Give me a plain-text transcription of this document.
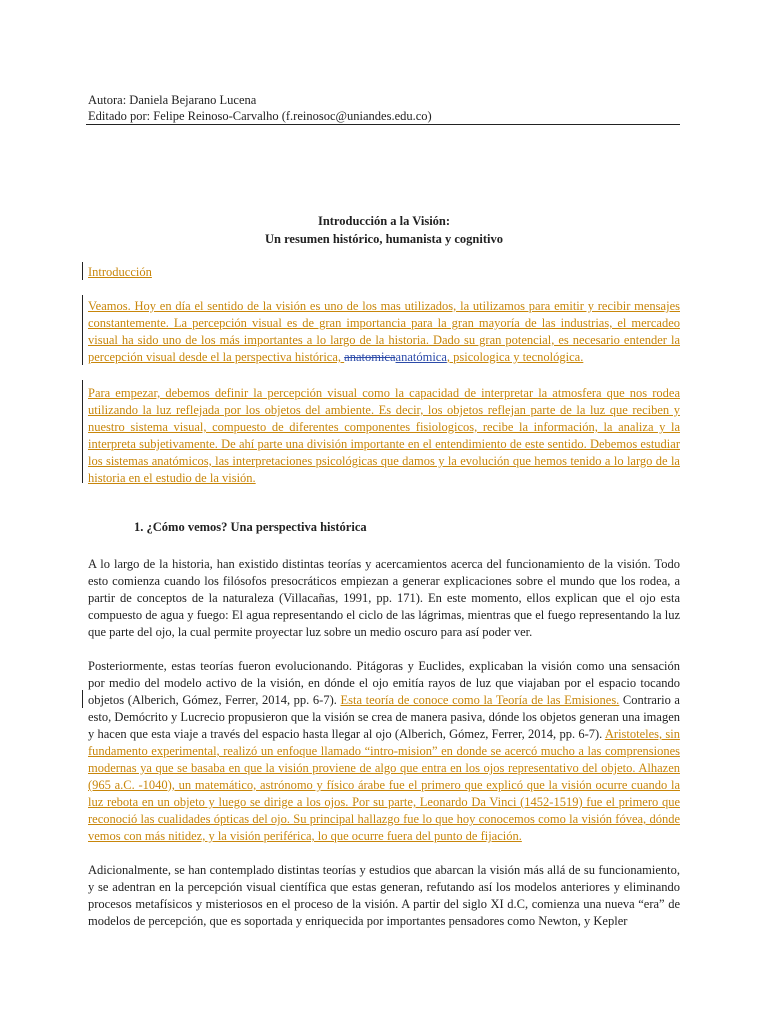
Autora: Daniela Bejarano Lucena
Editado por: Felipe Reinoso-Carvalho (f.reinosoc@uniandes.edu.co)
Introducción a la Visión:
Un resumen histórico, humanista y cognitivo
Introducción
Veamos. Hoy en día el sentido de la visión es uno de los mas utilizados, la utilizamos para emitir y recibir mensajes constantemente. La percepción visual es de gran importancia para la gran mayoría de las industrias, el mercadeo visual ha sido uno de los más importantes a lo largo de la historia. Dado su gran potencial, es necesario entender la percepción visual desde el la perspectiva histórica, anatomicaanatómica, psicologica y tecnológica.
Para empezar, debemos definir la percepción visual como la capacidad de interpretar la atmosfera que nos rodea utilizando la luz reflejada por los objetos del ambiente. Es decir, los objetos reflejan parte de la luz que reciben y nuestro sistema visual, compuesto de diferentes componentes fisiologicos, recibe la información, la analiza y la interpreta subjetivamente. De ahí parte una división importante en el entendimiento de este sentido. Debemos estudiar los sistemas anatómicos, las interpretaciones psicológicas que damos y la evolución que hemos tenido a lo largo de la historia en el estudio de la visión.
1. ¿Cómo vemos? Una perspectiva histórica
A lo largo de la historia, han existido distintas teorías y acercamientos acerca del funcionamiento de la visión. Todo esto comienza cuando los filósofos presocráticos empiezan a generar explicaciones sobre el mundo que los rodea, a partir de conceptos de la naturaleza (Villacañas, 1991, pp. 171). En este momento, ellos explican que el ojo esta compuesto de agua y fuego: El agua representando el ciclo de las lágrimas, mientras que el fuego representando la luz que parte del ojo, la cual permite proyectar luz sobre un medio oscuro para así poder ver.
Posteriormente, estas teorías fueron evolucionando. Pitágoras y Euclides, explicaban la visión como una sensación por medio del modelo activo de la visión, en dónde el ojo emitía rayos de luz que viajaban por el espacio tocando objetos (Alberich, Gómez, Ferrer, 2014, pp. 6-7). Esta teoría de conoce como la Teoría de las Emisiones. Contrario a esto, Demócrito y Lucrecio propusieron que la visión se crea de manera pasiva, dónde los objetos generan una imagen y hacen que esta viaje a través del espacio hasta llegar al ojo (Alberich, Gómez, Ferrer, 2014, pp. 6-7). Aristoteles, sin fundamento experimental, realizó un enfoque llamado “intro-mision” en donde se acercó mucho a las comprensiones modernas ya que se basaba en que la visión proviene de algo que entra en los ojos representativo del objeto. Alhazen (965 a.C. -1040), un matemático, astrónomo y físico árabe fue el primero que explicó que la visión ocurre cuando la luz rebota en un objeto y luego se dirige a los ojos. Por su parte, Leonardo Da Vinci (1452-1519) fue el primero que reconoció las cualidades ópticas del ojo. Su principal hallazgo fue lo que hoy conocemos como la visión fóvea, dónde vemos con más nitidez, y la visión periférica, lo que ocurre fuera del punto de fijación.
Adicionalmente, se han contemplado distintas teorías y estudios que abarcan la visión más allá de su funcionamiento, y se adentran en la percepción visual científica que estas generan, refutando así los modelos anteriores y eliminando procesos metafísicos y misteriosos en el proceso de la visión. A partir del siglo XI d.C, comienza una nueva “era” de modelos de percepción, que es soportada y enriquecida por importantes pensadores como Newton, y Kepler
